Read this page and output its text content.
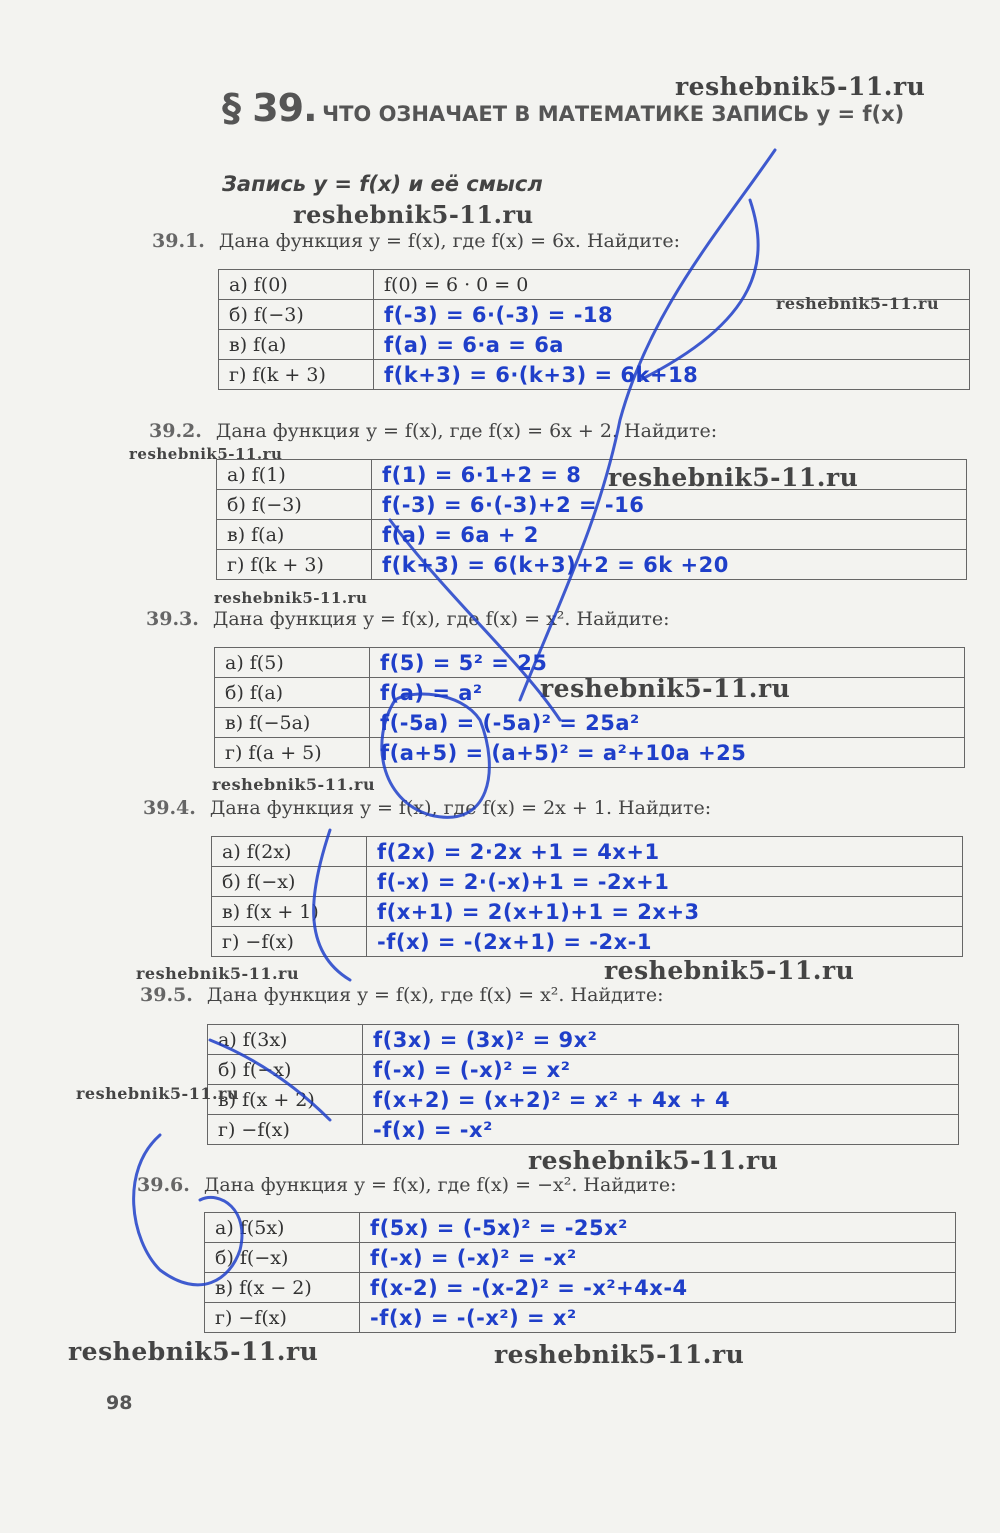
reshebnik5-11.ru
§ 39. ЧТО ОЗНАЧАЕТ В МАТЕМАТИКЕ ЗАПИСЬ y = f(x)
Запись y = f(x) и её смысл
reshebnik5-11.ru
39.1. Дана функция y = f(x), где f(x) = 6x. Найдите:
а) f(0)	f(0) = 6 · 0 = 0
б) f(−3)	f(-3) = 6·(-3) = -18
в) f(a)	f(a) = 6·a = 6a
г) f(k + 3)	f(k+3) = 6·(k+3) = 6k+18
reshebnik5-11.ru
39.2. Дана функция y = f(x), где f(x) = 6x + 2. Найдите:
reshebnik5-11.ru
а) f(1)	f(1) = 6·1+2 = 8
б) f(−3)	f(-3) = 6·(-3)+2 = -16
в) f(a)	f(a) = 6a + 2
г) f(k + 3)	f(k+3) = 6(k+3)+2 = 6k +20
reshebnik5-11.ru
reshebnik5-11.ru
39.3. Дана функция y = f(x), где f(x) = x². Найдите:
а) f(5)	f(5) = 5² = 25
б) f(a)	f(a) = a²
в) f(−5a)	f(-5a) = (-5a)² = 25a²
г) f(a + 5)	f(a+5) = (a+5)² = a²+10a +25
reshebnik5-11.ru
reshebnik5-11.ru
39.4. Дана функция y = f(x), где f(x) = 2x + 1. Найдите:
а) f(2x)	f(2x) = 2·2x +1 = 4x+1
б) f(−x)	f(-x) = 2·(-x)+1 = -2x+1
в) f(x + 1)	f(x+1) = 2(x+1)+1 = 2x+3
г) −f(x)	-f(x) = -(2x+1) = -2x-1
reshebnik5-11.ru	reshebnik5-11.ru
39.5. Дана функция y = f(x), где f(x) = x². Найдите:
а) f(3x)	f(3x) = (3x)² = 9x²
б) f(−x)	f(-x) = (-x)² = x²
в) f(x + 2)	f(x+2) = (x+2)² = x² + 4x + 4
г) −f(x)	-f(x) = -x²
reshebnik5-11.ru
reshebnik5-11.ru
39.6. Дана функция y = f(x), где f(x) = −x². Найдите:
а) f(5x)	f(5x) = (-5x)² = -25x²
б) f(−x)	f(-x) = (-x)² = -x²
в) f(x − 2)	f(x-2) = -(x-2)² = -x²+4x-4
г) −f(x)	-f(x) = -(-x²) = x²
reshebnik5-11.ru	reshebnik5-11.ru
98
